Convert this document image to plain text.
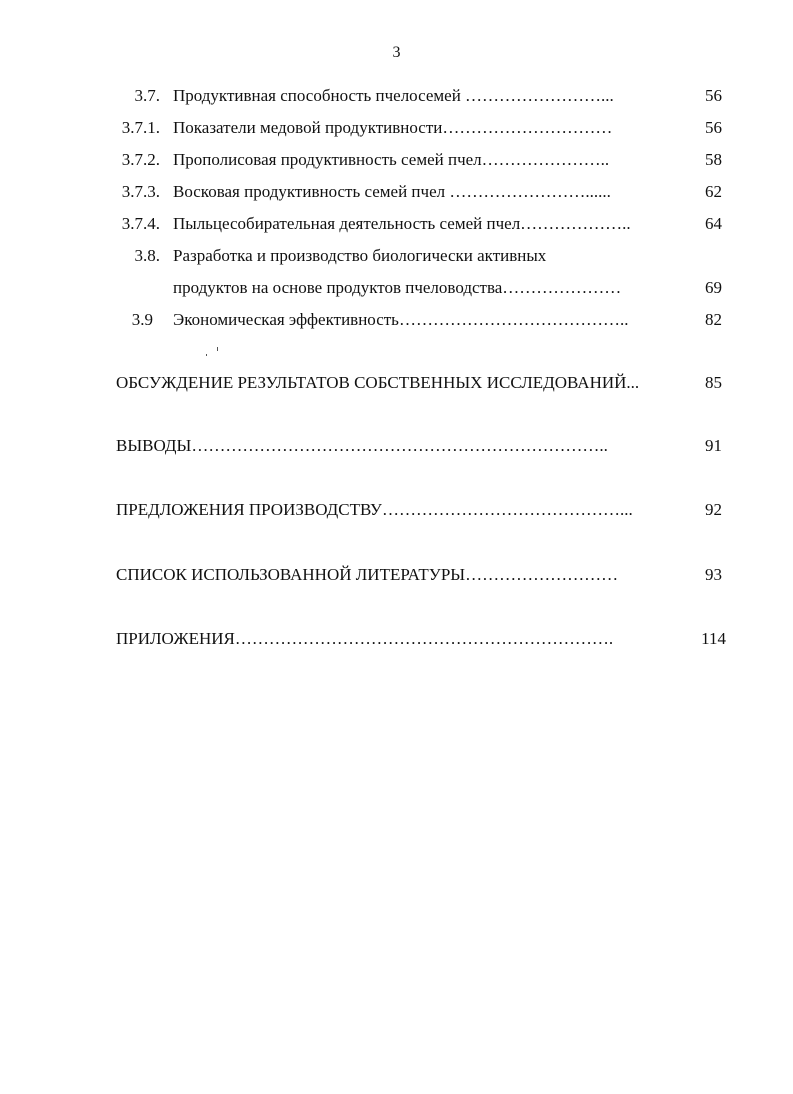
3
3.7. Продуктивная способность пчелосемей ……………………...	56
3.7.1. Показатели медовой продуктивности…………………………	56
3.7.2. Прополисовая продуктивность семей пчел…………………..	58
3.7.3. Восковая продуктивность семей пчел ……………………......	62
3.7.4. Пыльцесобирательная деятельность семей пчел………………..	64
3.8. Разработка и производство биологически активных
продуктов на основе продуктов пчеловодства…………………	69
3.9 Экономическая эффективность…………………………………..	82
ОБСУЖДЕНИЕ РЕЗУЛЬТАТОВ СОБСТВЕННЫХ ИССЛЕДОВАНИЙ...	85
ВЫВОДЫ………………………………………………………………..	91
ПРЕДЛОЖЕНИЯ ПРОИЗВОДСТВУ……………………………………...	92
СПИСОК ИСПОЛЬЗОВАННОЙ ЛИТЕРАТУРЫ………………………	93
ПРИЛОЖЕНИЯ………………………………………………………….	114
